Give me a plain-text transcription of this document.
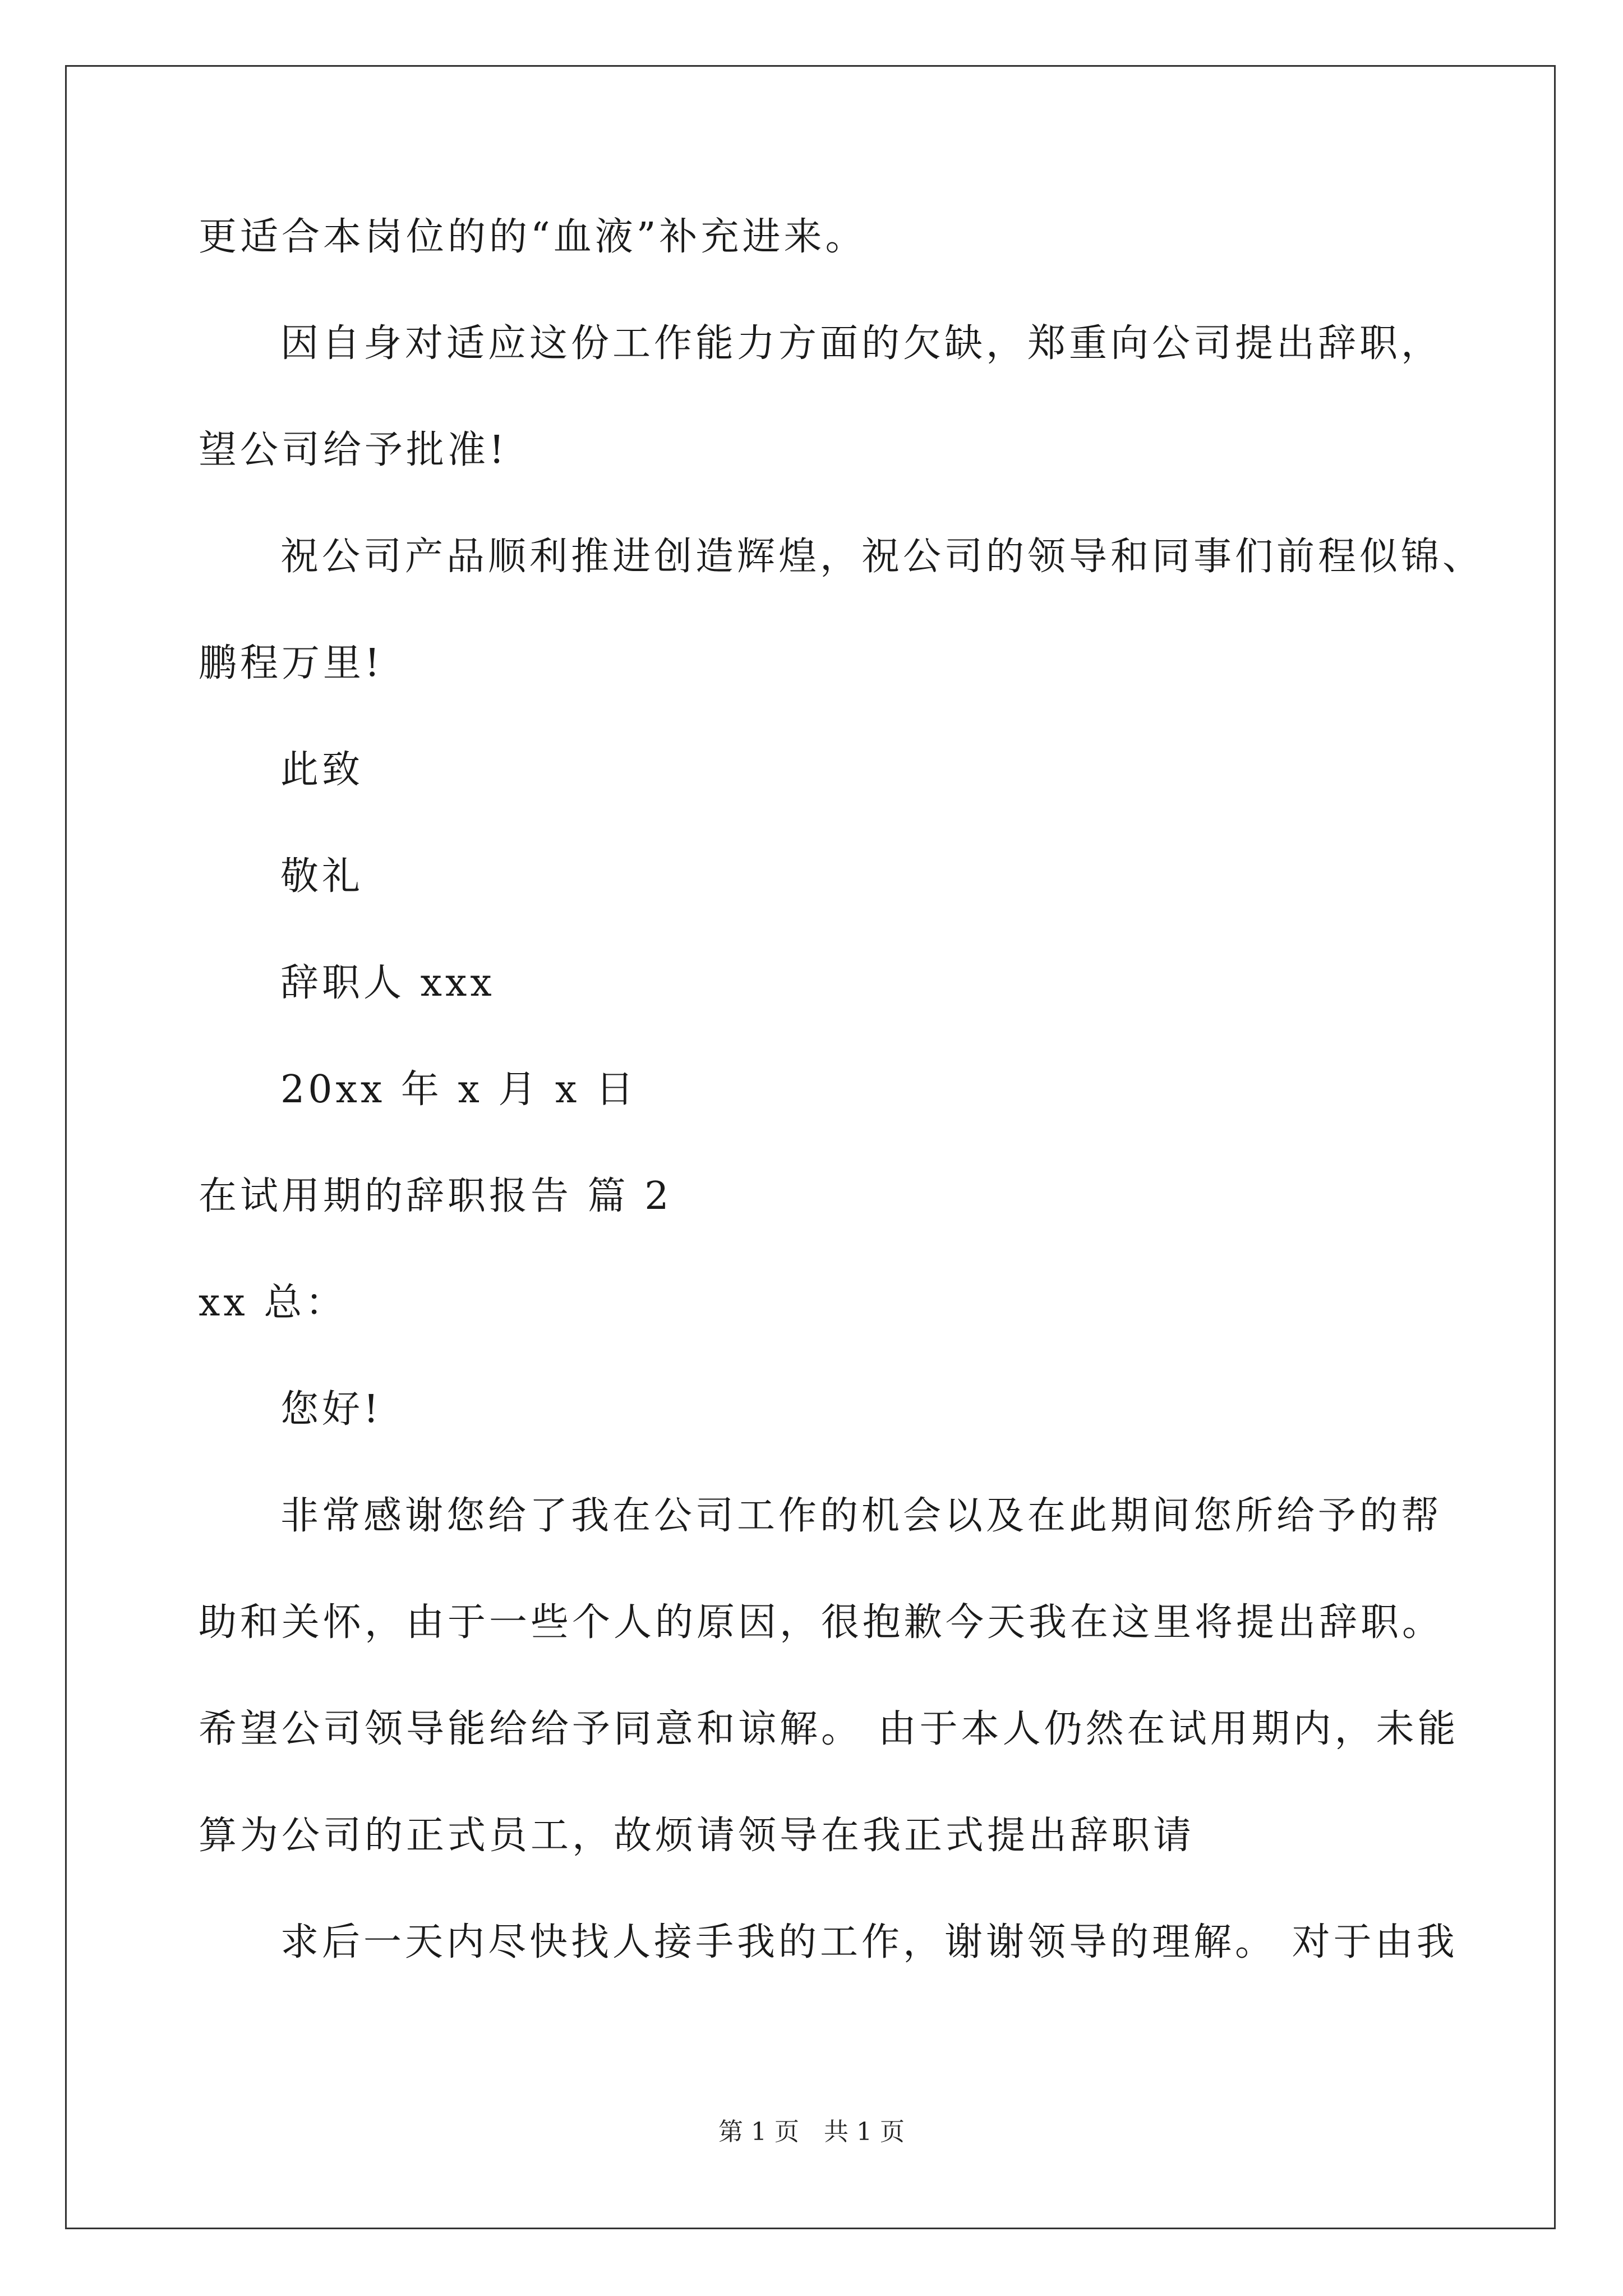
更适合本岗位的的“血液”补充进来。
因自身对适应这份工作能力方面的欠缺，郑重向公司提出辞职，
望公司给予批准!
祝公司产品顺利推进创造辉煌，祝公司的领导和同事们前程似锦、
鹏程万里!
此致
敬礼
辞职人 xxx
20xx 年 x 月 x 日
在试用期的辞职报告 篇 2
xx 总：
您好!
非常感谢您给了我在公司工作的机会以及在此期间您所给予的帮
助和关怀，由于一些个人的原因，很抱歉今天我在这里将提出辞职。
希望公司领导能给给予同意和谅解。 由于本人仍然在试用期内，未能
算为公司的正式员工，故烦请领导在我正式提出辞职请
求后一天内尽快找人接手我的工作，谢谢领导的理解。 对于由我
第 1 页　共 1 页
